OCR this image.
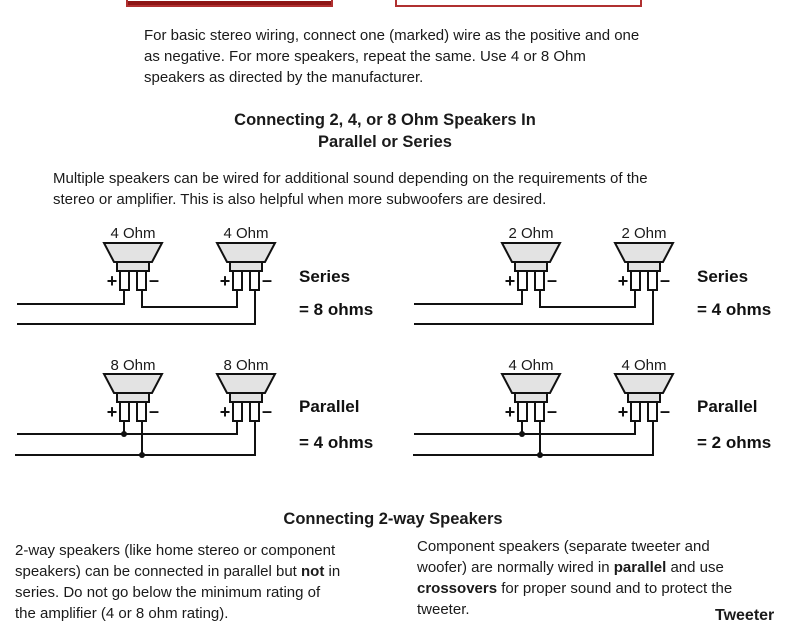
For basic stereo wiring, connect one (marked) wire as the positive and one
as negative. For more speakers, repeat the same. Use 4 or 8 Ohm
speakers as directed by the manufacturer.
Connecting 2, 4, or 8 Ohm Speakers In
Parallel or Series
Multiple speakers can be wired for additional sound depending on the requirements of the
stereo or amplifier. This is also helpful when more subwoofers are desired.
4 Ohm	4 Ohm
+ –	+ – Series
= 8 ohms
2 Ohm	2 Ohm
+ –	+ – Series
= 4 ohms
8 Ohm	8 Ohm
+ –	+ – Parallel
= 4 ohms
4 Ohm	4 Ohm
+ –	+ – Parallel
= 2 ohms
Connecting 2-way Speakers
2-way speakers (like home stereo or component
speakers) can be connected in parallel but not in
series. Do not go below the minimum rating of
the amplifier (4 or 8 ohm rating).
Component speakers (separate tweeter and
woofer) are normally wired in parallel and use
crossovers for proper sound and to protect the
tweeter.	Tweeter
